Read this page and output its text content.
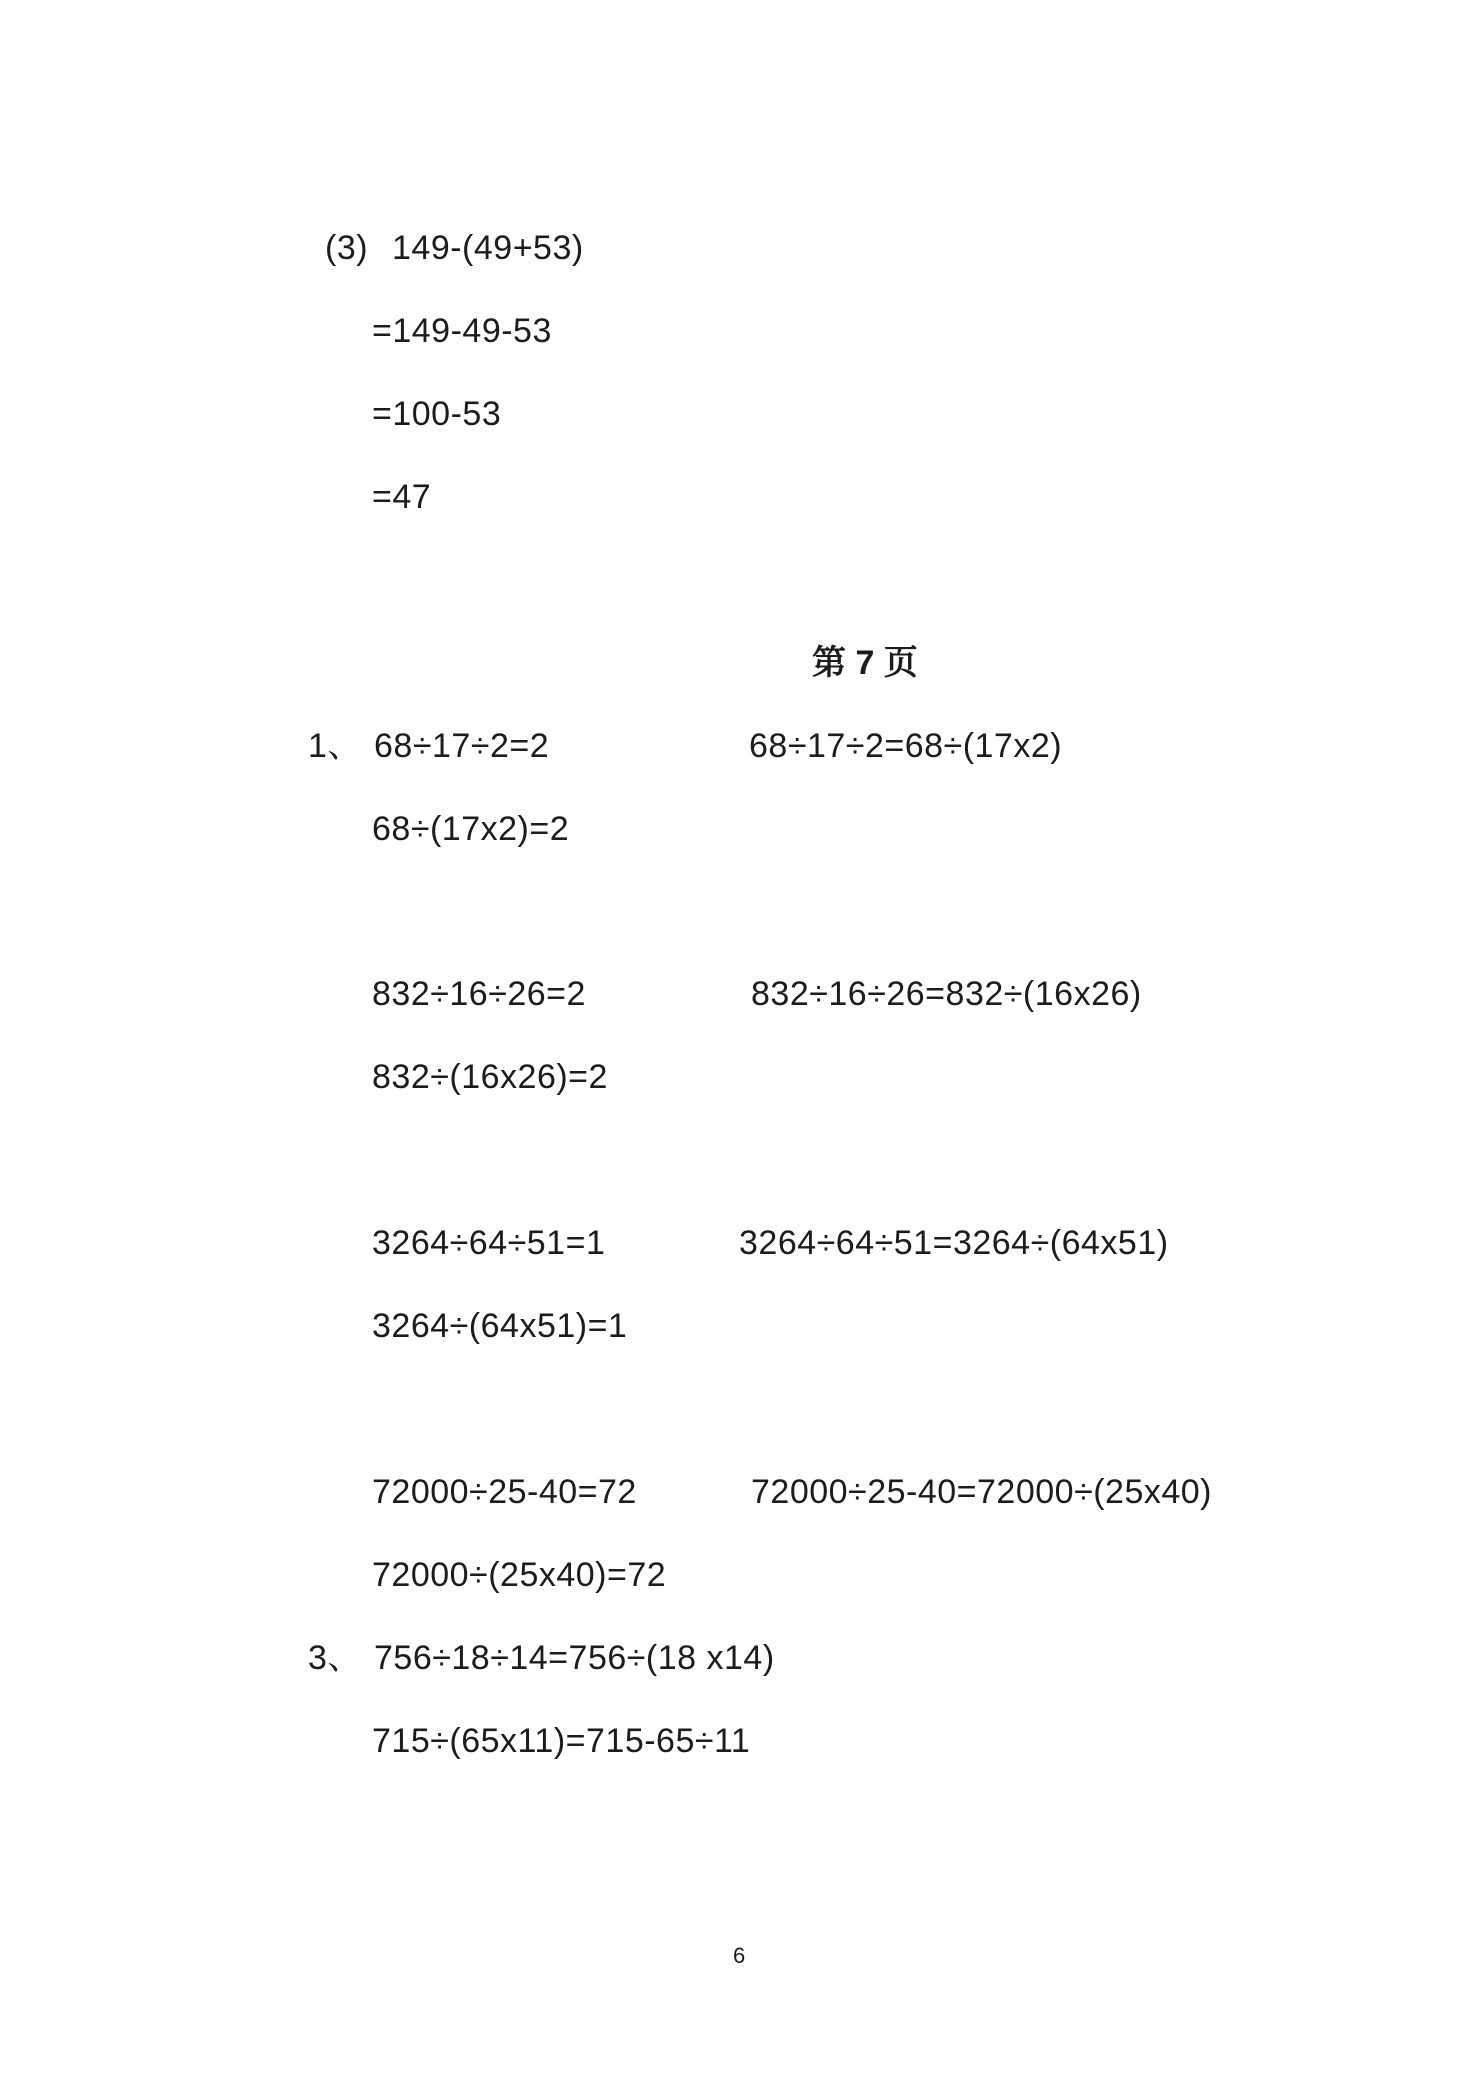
(3) 149-(49+53)
=149-49-53
=100-53
=47
第 7 页
1、 68÷17÷2=2	68÷17÷2=68÷(17x2)
68÷(17x2)=2
832÷16÷26=2	832÷16÷26=832÷(16x26)
832÷(16x26)=2
3264÷64÷51=1	3264÷64÷51=3264÷(64x51)
3264÷(64x51)=1
72000÷25-40=72	72000÷25-40=72000÷(25x40)
72000÷(25x40)=72
3、 756÷18÷14=756÷(18 x14)
715÷(65x11)=715-65÷11
6
